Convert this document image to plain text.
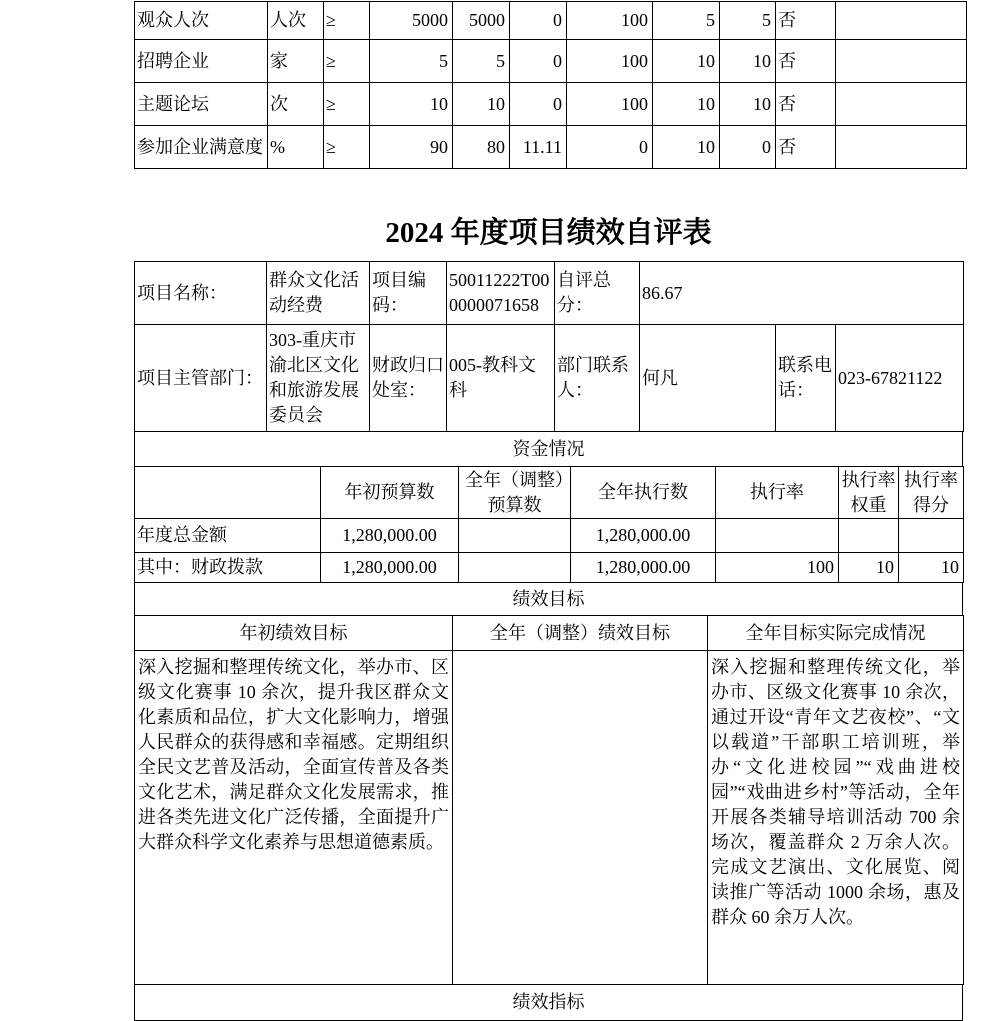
观众人次	人次	≥	5000	5000	0	100	5	5	否	
招聘企业	家	≥	5	5	0	100	10	10	否	
主题论坛	次	≥	10	10	0	100	10	10	否	
参加企业满意度	%	≥	90	80	11.11	0	10	0	否	
2024 年度项目绩效自评表
项目名称：	群众文化活动经费	项目编码：	50011222T000000071658	自评总分：	86.67		
项目主管部门：	303-重庆市渝北区文化和旅游发展委员会	财政归口处室：	005-教科文科	部门联系人：	何凡	联系电话：	023-67821122
资金情况
	年初预算数	全年（调整）预算数	全年执行数	执行率	执行率权重	执行率得分
年度总金额	1,280,000.00		1,280,000.00			
其中：财政拨款	1,280,000.00		1,280,000.00	100	10	10
绩效目标
年初绩效目标	全年（调整）绩效目标	全年目标实际完成情况
深入挖掘和整理传统文化，举办市、区级文化赛事 10 余次，提升我区群众文化素质和品位，扩大文化影响力，增强人民群众的获得感和幸福感。定期组织全民文艺普及活动，全面宣传普及各类文化艺术，满足群众文化发展需求，推进各类先进文化广泛传播，全面提升广大群众科学文化素养与思想道德素质。		深入挖掘和整理传统文化，举办市、区级文化赛事 10 余次，通过开设“青年文艺夜校”、“文以载道”干部职工培训班，举办“文化进校园”“戏曲进校园”“戏曲进乡村”等活动，全年开展各类辅导培训活动 700 余场次，覆盖群众 2 万余人次。完成文艺演出、文化展览、阅读推广等活动 1000 余场，惠及群众 60 余万人次。
绩效指标
